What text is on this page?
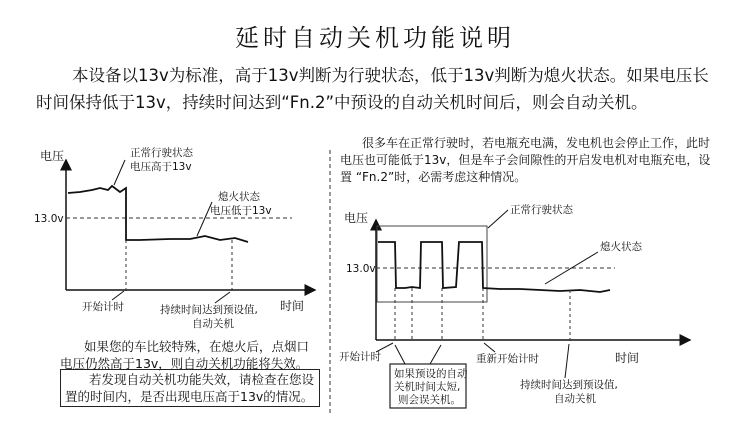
延时自动关机功能说明
本设备以13v为标准，高于13v判断为行驶状态，低于13v判断为熄火状态。如果电压长时间保持低于13v，持续时间达到“Fn.2”中预设的自动关机时间后，则会自动关机。
很多车在正常行驶时，若电瓶充电满，发电机也会停止工作，此时电压也可能低于13v，但是车子会间隙性的开启发电机对电瓶充电，设置 “Fn.2”时，必需考虑这种情况。
如果您的车比较特殊，在熄火后，点烟口电压仍然高于13v，则自动关机功能将失效。
若发现自动关机功能失效，请检查在您设置的时间内，是否出现电压高于13v的情况。
电压
时间
13.0v
正常行驶状态
电压高于13v
熄火状态
电压低于13v
开始计时	持续时间达到预设值,
自动关机
电压
时间
13.0v
正常行驶状态
熄火状态
开始计时	重新开始计时
如果预设的自动
关机时间太短,
则会误关机。
持续时间达到预设值,
自动关机
